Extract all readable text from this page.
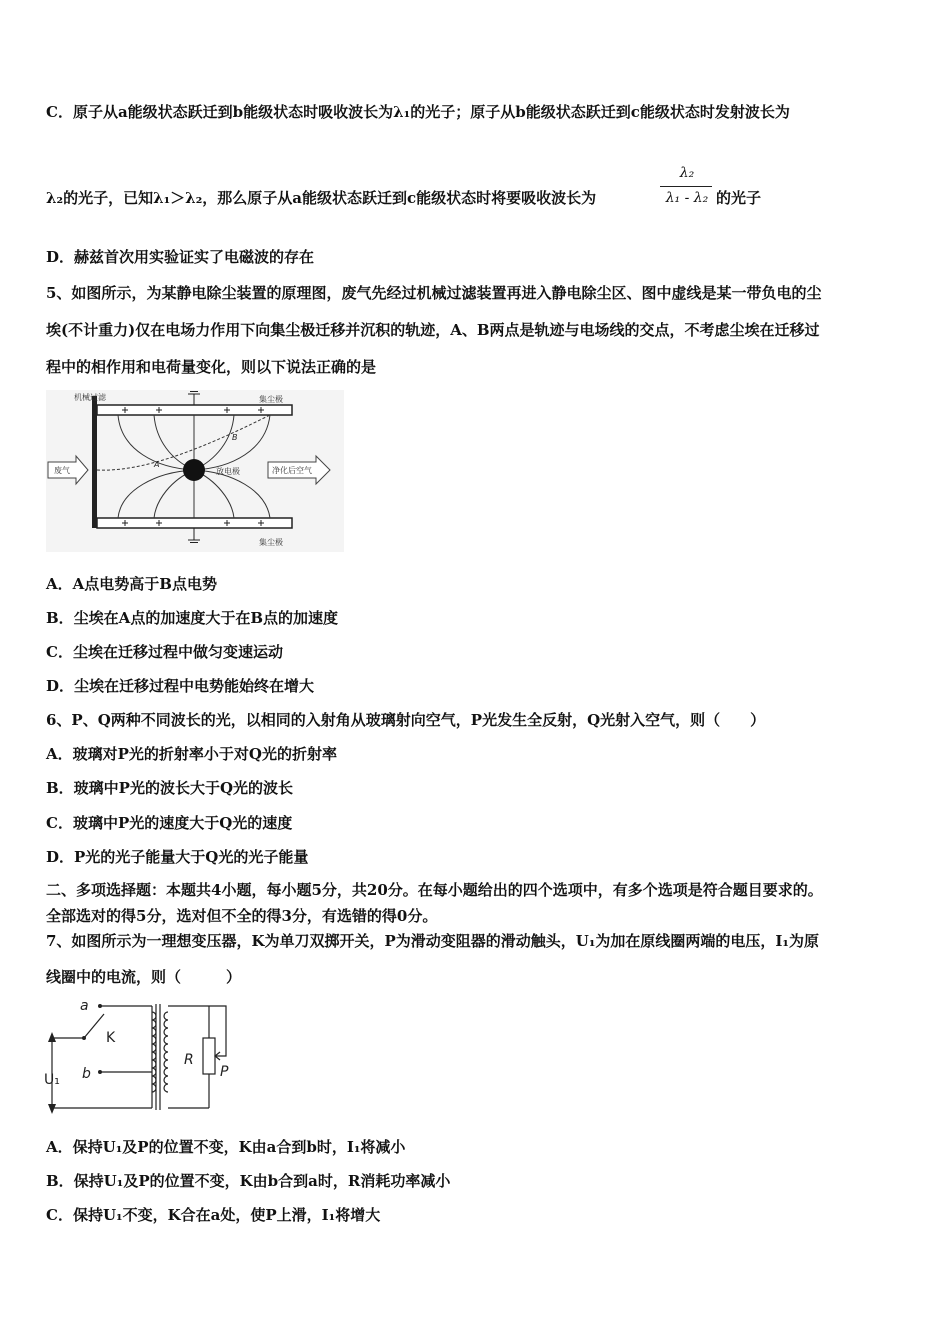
C．原子从a能级状态跃迁到b能级状态时吸收波长为λ₁的光子；原子从b能级状态跃迁到c能级状态时发射波长为
λ₂的光子，已知λ₁＞λ₂，那么原子从a能级状态跃迁到c能级状态时将要吸收波长为
λ₂
λ₁ - λ₂ 的光子
D．赫兹首次用实验证实了电磁波的存在
5、如图所示，为某静电除尘装置的原理图，废气先经过机械过滤装置再进入静电除尘区、图中虚线是某一带负电的尘
埃(不计重力)仅在电场力作用下向集尘极迁移并沉积的轨迹，A、B两点是轨迹与电场线的交点，不考虑尘埃在迁移过
程中的相作用和电荷量变化，则以下说法正确的是
机械过滤	集尘极
集尘极
A
B
放电极
废气	净化后空气
A．A点电势高于B点电势
B．尘埃在A点的加速度大于在B点的加速度
C．尘埃在迁移过程中做匀变速运动
D．尘埃在迁移过程中电势能始终在增大
6、P、Q两种不同波长的光，以相同的入射角从玻璃射向空气，P光发生全反射，Q光射入空气，则（　　）
A．玻璃对P光的折射率小于对Q光的折射率
B．玻璃中P光的波长大于Q光的波长
C．玻璃中P光的速度大于Q光的速度
D．P光的光子能量大于Q光的光子能量
二、多项选择题：本题共4小题，每小题5分，共20分。在每小题给出的四个选项中，有多个选项是符合题目要求的。
全部选对的得5分，选对但不全的得3分，有选错的得0分。
7、如图所示为一理想变压器，K为单刀双掷开关，P为滑动变阻器的滑动触头，U₁为加在原线圈两端的电压，I₁为原
线圈中的电流，则（　　　）
a
b
K
U₁
R
P
A．保持U₁及P的位置不变，K由a合到b时，I₁将减小
B．保持U₁及P的位置不变，K由b合到a时，R消耗功率减小
C．保持U₁不变，K合在a处，使P上滑，I₁将增大
